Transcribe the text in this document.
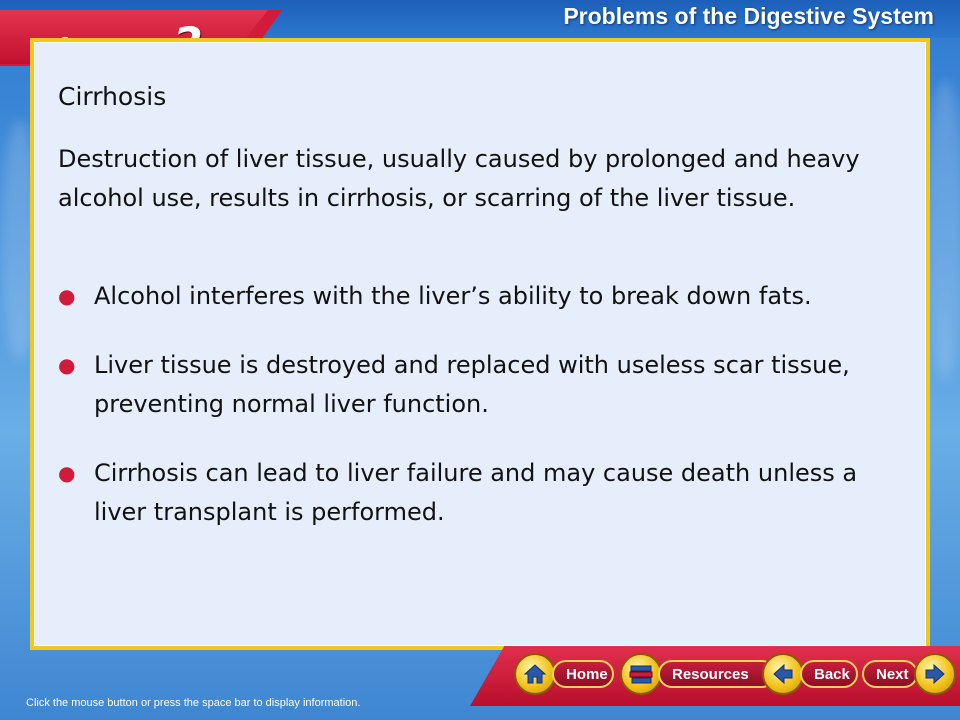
Problems of the Digestive System
Cirrhosis

Destruction of liver tissue, usually caused by prolonged and heavy alcohol use, results in cirrhosis, or scarring of the liver tissue.

● Alcohol interferes with the liver’s ability to break down fats.
● Liver tissue is destroyed and replaced with useless scar tissue, preventing normal liver function.
● Cirrhosis can lead to liver failure and may cause death unless a liver transplant is performed.
Home	Resources	Back	Next
Click the mouse button or press the space bar to display information.
